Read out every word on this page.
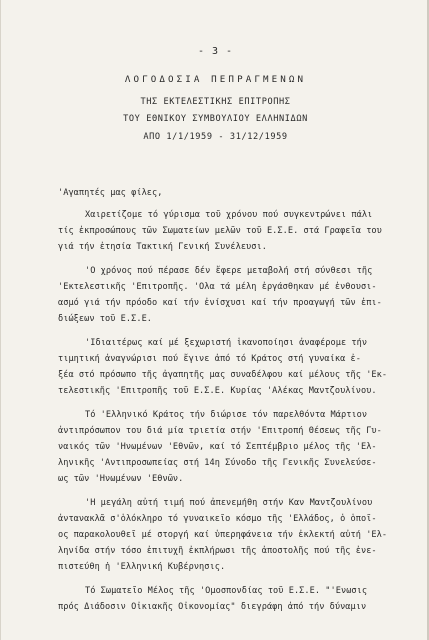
- 3 -
ΛΟΓΟΔΟΣΙΑ ΠΕΠΡΑΓΜΕΝΩΝ
ΤΗΣ ΕΚΤΕΛΕΣΤΙΚΗΣ ΕΠΙΤΡΟΠΗΣ
ΤΟΥ ΕΘΝΙΚΟΥ ΣΥΜΒΟΥΛΙΟΥ ΕΛΛΗΝΙΔΩΝ
ΑΠΟ 1/1/1959 - 31/12/1959
'Αγαπητές μας φίλες,
Χαιρετίζομε τό γύρισμα τοῦ χρόνου πού συγκεντρώνει πάλι
τίς ἐκπροσώπους τῶν Σωματείων μελῶν τοῦ Ε.Σ.Ε. στά Γραφεῖα του
γιά τήν ἐτησία Τακτική Γενική Συνέλευσι.
'Ο χρόνος πού πέρασε δέν ἔφερε μεταβολή στή σύνθεσι τῆς
'Εκτελεστικῆς 'Επιτροπῆς. 'Ολα τά μέλη ἐργάσθηκαν μέ ἐνθουσι-
ασμό γιά τήν πρόοδο καί τήν ἐνίσχυσι καί τήν προαγωγή τῶν ἐπι-
διώξεων τοῦ Ε.Σ.Ε.
'Ιδιαιτέρως καί μέ ξεχωριστή ἱκανοποίησι ἀναφέρομε τήν
τιμητική ἀναγνώρισι πού ἔγινε ἀπό τό Κράτος στή γυναίκα ἐ-
ξέα στό πρόσωπο τῆς ἀγαπητῆς μας συναδέλφου καί μέλους τῆς 'Εκ-
τελεστικῆς 'Επιτροπῆς τοῦ Ε.Σ.Ε. Κυρίας 'Αλέκας Μαντζουλίνου.
Τό 'Ελληνικό Κράτος τήν διώρισε τόν παρελθόντα Μάρτιον
ἀντιπρόσωπον του διά μία τριετία στήν 'Επιτροπή Θέσεως τῆς Γυ-
ναικός τῶν 'Ηνωμένων 'Εθνῶν, καί τό Σεπτέμβριο μέλος τῆς 'Ελ-
ληνικῆς 'Αντιπροσωπείας στή 14η Σύνοδο τῆς Γενικῆς Συνελεύσε-
ως τῶν 'Ηνωμένων 'Εθνῶν.
'Η μεγάλη αὐτή τιμή πού ἀπενεμήθη στήν Καν Μαντζουλίνου
ἀντανακλᾶ σ'ὁλόκληρο τό γυναικεῖο κόσμο τῆς 'Ελλάδος, ὁ ὁποῖ-
ος παρακολουθεῖ μέ στοργή καί ὑπερηφάνεια τήν ἐκλεκτή αὐτή 'Ελ-
ληνίδα στήν τόσο ἐπιτυχῆ ἐκπλήρωσι τῆς ἀποστολῆς πού τῆς ἐνε-
πιστεύθη ἡ 'Ελληνική Κυβέρνησις.
Τό Σωματεῖο Μέλος τῆς 'Ομοσπονδίας τοῦ Ε.Σ.Ε. "'Ενωσις
πρός Διάδοσιν Οἰκιακῆς Οἰκονομίας" διεγράφη ἀπό τήν δύναμιν
